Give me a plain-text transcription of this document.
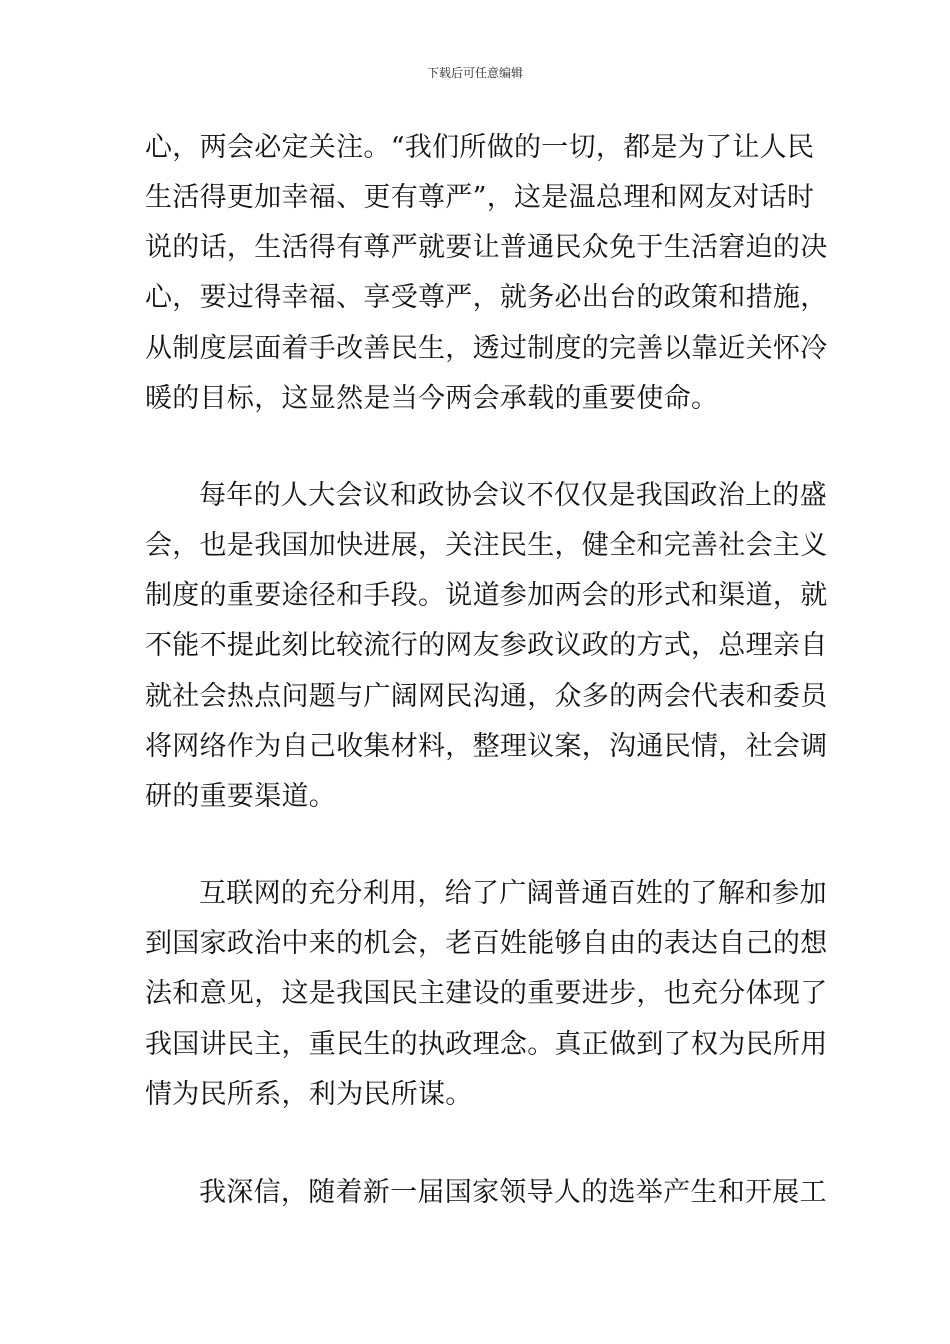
下载后可任意编辑
心，两会必定关注。“我们所做的一切，都是为了让人民
生活得更加幸福、更有尊严”，这是温总理和网友对话时
说的话，生活得有尊严就要让普通民众免于生活窘迫的决
心，要过得幸福、享受尊严，就务必出台的政策和措施，
从制度层面着手改善民生，透过制度的完善以靠近关怀冷
暖的目标，这显然是当今两会承载的重要使命。
每年的人大会议和政协会议不仅仅是我国政治上的盛
会，也是我国加快进展，关注民生，健全和完善社会主义
制度的重要途径和手段。说道参加两会的形式和渠道，就
不能不提此刻比较流行的网友参政议政的方式，总理亲自
就社会热点问题与广阔网民沟通，众多的两会代表和委员
将网络作为自己收集材料，整理议案，沟通民情，社会调
研的重要渠道。
互联网的充分利用，给了广阔普通百姓的了解和参加
到国家政治中来的机会，老百姓能够自由的表达自己的想
法和意见，这是我国民主建设的重要进步，也充分体现了
我国讲民主，重民生的执政理念。真正做到了权为民所用
情为民所系，利为民所谋。
我深信，随着新一届国家领导人的选举产生和开展工
